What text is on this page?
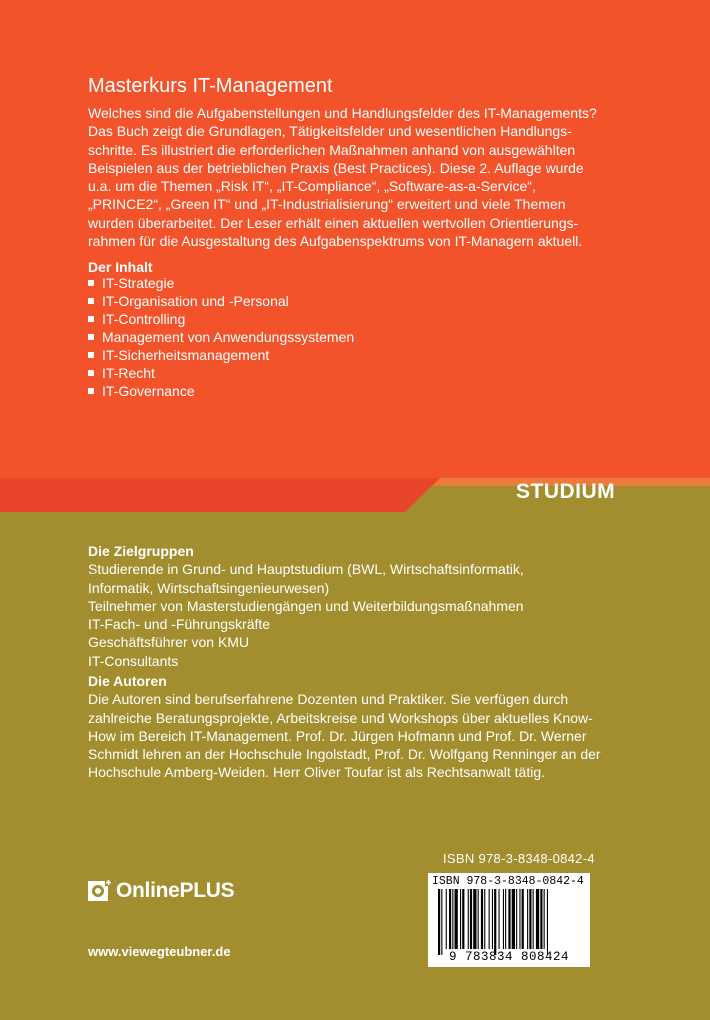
STUDIUM
Masterkurs IT-Management
Welches sind die Aufgabenstellungen und Handlungsfelder des IT-Managements?
Das Buch zeigt die Grundlagen, Tätigkeitsfelder und wesentlichen Handlungs-
schritte. Es illustriert die erforderlichen Maßnahmen anhand von ausgewählten
Beispielen aus der betrieblichen Praxis (Best Practices). Diese 2. Auflage wurde
u.a. um die Themen „Risk IT“, „IT-Compliance“, „Software-as-a-Service“,
„PRINCE2“, „Green IT“ und „IT-Industrialisierung“ erweitert und viele Themen
wurden überarbeitet. Der Leser erhält einen aktuellen wertvollen Orientierungs-
rahmen für die Ausgestaltung des Aufgabenspektrums von IT-Managern aktuell.
Der Inhalt
IT-Strategie
IT-Organisation und -Personal
IT-Controlling
Management von Anwendungssystemen
IT-Sicherheitsmanagement
IT-Recht
IT-Governance
Die Zielgruppen
Studierende in Grund- und Hauptstudium (BWL, Wirtschaftsinformatik,
Informatik, Wirtschaftsingenieurwesen)
Teilnehmer von Masterstudiengängen und Weiterbildungsmaßnahmen
IT-Fach- und -Führungskräfte
Geschäftsführer von KMU
IT-Consultants
Die Autoren
Die Autoren sind berufserfahrene Dozenten und Praktiker. Sie verfügen durch
zahlreiche Beratungsprojekte, Arbeitskreise und Workshops über aktuelles Know-
How im Bereich IT-Management. Prof. Dr. Jürgen Hofmann und Prof. Dr. Werner
Schmidt lehren an der Hochschule Ingolstadt, Prof. Dr. Wolfgang Renninger an der
Hochschule Amberg-Weiden. Herr Oliver Toufar ist als Rechtsanwalt tätig.
ISBN 978-3-8348-0842-4
ISBN 978-3-8348-0842-4
9 783834 808424
OnlinePLUS
www.viewegteubner.de
